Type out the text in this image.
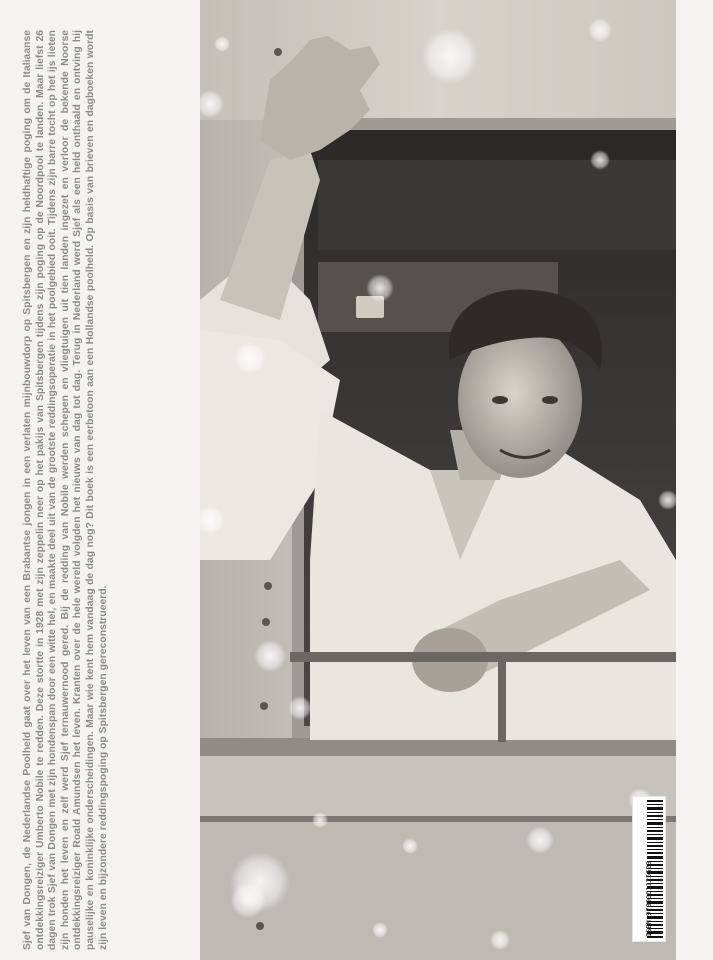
Sjef van Dongen, de Nederlandse Poolheld gaat over het leven van een Brabantse jongen in een verlaten mijnbouwdorp op Spitsbergen en zijn heldhaftige poging om de Italiaanse ontdekkingsreiziger Umberto Nobile te redden. Deze stortte in 1928 met zijn zeppelin neer op het pakijs van Spitsbergen tijdens zijn poging op de Noordpool te landen. Maar liefst 26 dagen trok Sjef van Dongen met zijn hondenspan door een witte hel, en maakte deel uit van de grootste reddingsoperatie in het poolgebied ooit. Tijdens zijn barre tocht op het ijs lieten zijn honden het leven en zelf werd Sjef ternauwernood gered. Bij de redding van Nobile werden schepen en vliegtuigen uit tien landen ingezet en verloor de bekende Noorse ontdekkingsreiziger Roald Amundsen het leven. Kranten over de hele wereld volgden het nieuws van dag tot dag. Terug in Nederland werd Sjef als een held onthaald en ontving hij pauselijke en koninklijke onderscheidingen. Maar wie kent hem vandaag de dag nog? Dit boek is een eerbetoon aan een Hollandse poolheld. Op basis van brieven en dagboeken wordt zijn leven en bijzondere reddingspoging op Spitsbergen gereconstrueerd.	ISBN 9789061125628
